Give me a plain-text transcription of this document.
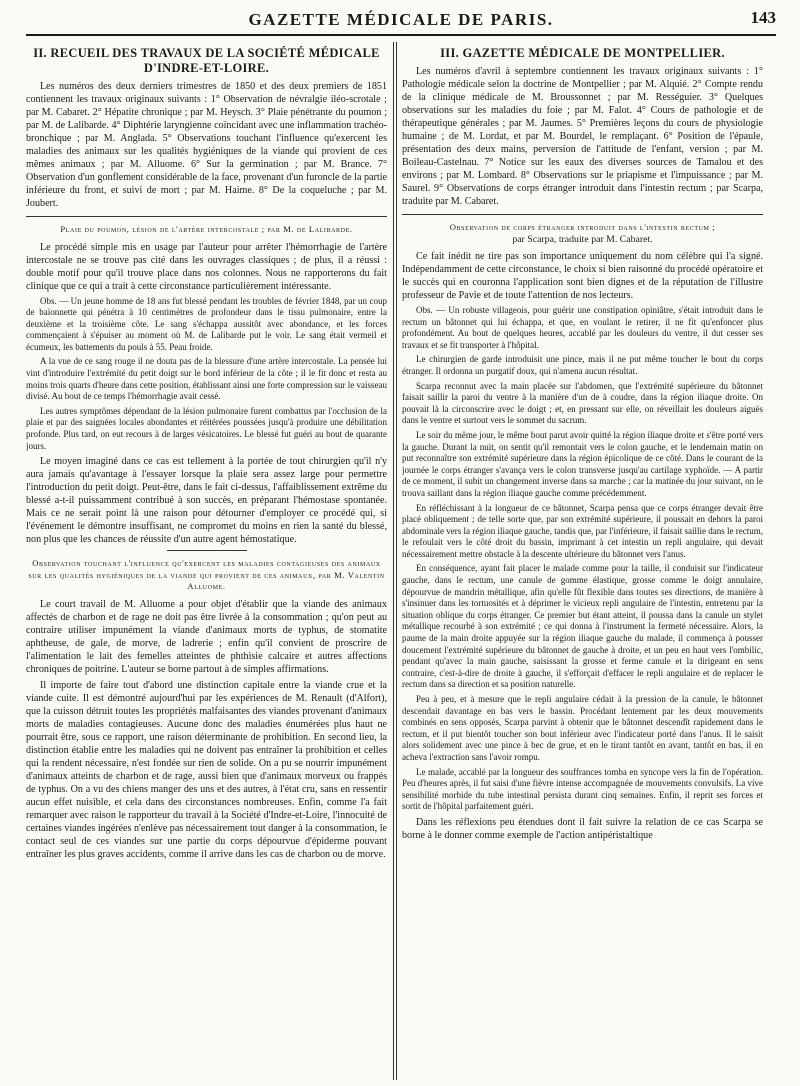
GAZETTE MÉDICALE DE PARIS.	143
II. RECUEIL DES TRAVAUX DE LA SOCIÉTÉ MÉDICALE D'INDRE-ET-LOIRE.

Les numéros des deux derniers trimestres de 1850 et des deux premiers de 1851 contiennent les travaux originaux suivants : 1° Observation de névralgie iléo-scrotale ; par M. Cabaret. 2° Hépatite chronique ; par M. Heysch. 3° Plaie pénétrante du poumon ; par M. de Lalibarde. 4° Diphtérie laryngienne coïncidant avec une inflammation trachéo-bronchique ; par M. Anglada. 5° Observations touchant l'influence qu'exercent les maladies des animaux sur les qualités hygiéniques de la viande qui provient de ces mêmes animaux ; par M. Alluome. 6° Sur la germination ; par M. Brance. 7° Observation d'un gonflement considérable de la face, provenant d'un furoncle de la partie inférieure du front, et suivi de mort ; par M. Haime. 8° De la coqueluche ; par M. Joubert.

Plaie du poumon, lésion de l'artère intercostale ; par M. de Lalibarde.

Le procédé simple mis en usage par l'auteur pour arrêter l'hémorrhagie de l'artère intercostale ne se trouve pas cité dans les ouvrages classiques ; de plus, il a réussi : double motif pour qu'il trouve place dans nos colonnes. Nous ne rapporterons du fait clinique que ce qui a trait à cette circonstance particulièrement intéressante.

Obs. — Un jeune homme de 18 ans fut blessé pendant les troubles de février 1848, par un coup de baïonnette qui pénétra à 10 centimètres de profondeur dans le tissu pulmonaire, entre la deuxième et la troisième côte. Le sang s'échappa aussitôt avec abondance, et les forces commençaient à s'épuiser au moment où M. de Lalibarde put le voir. Le sang était vermeil et écumeux, les battements du pouls à 55. Peau froide.

A la vue de ce sang rouge il ne douta pas de la blessure d'une artère intercostale. La pensée lui vint d'introduire l'extrémité du petit doigt sur le bord inférieur de la côte ; il le fit donc et resta au moins trois quarts d'heure dans cette position, établissant ainsi une forte compression sur le vaisseau divisé. Au bout de ce temps l'hémorrhagie avait cessé.

Les autres symptômes dépendant de la lésion pulmonaire furent combattus par l'occlusion de la plaie et par des saignées locales abondantes et réitérées poussées jusqu'à produire une débilitation profonde. Plus tard, on eut recours à de larges vésicatoires. Le blessé fut guéri au bout de quarante jours.

Le moyen imaginé dans ce cas est tellement à la portée de tout chirurgien qu'il n'y aura jamais qu'avantage à l'essayer lorsque la plaie sera assez large pour permettre l'introduction du petit doigt. Peut-être, dans le fait ci-dessus, l'affaiblissement extrême du blessé a-t-il puissamment contribué à son succès, en préparant l'hémostase spontanée. Mais ce ne serait point là une raison pour détourner d'employer ce procédé qui, si l'événement le démontre insuffisant, ne compromet du moins en rien la santé du blessé, non plus que les chances de réussite d'un autre agent hémostatique.

Observation touchant l'influence qu'exercent les maladies contagieuses des animaux sur les qualités hygiéniques de la viande qui provient de ces animaux, par M. Valentin Alluome.

Le court travail de M. Alluome a pour objet d'établir que la viande des animaux affectés de charbon et de rage ne doit pas être livrée à la consommation ; qu'on peut au contraire utiliser impunément la viande d'animaux morts de typhus, de stomatite aphtheuse, de gale, de morve, de ladrerie ; enfin qu'il convient de proscrire de l'alimentation le lait des femelles atteintes de phthisie calcaire et autres affections chroniques de poitrine. L'auteur se borne partout à de simples affirmations.

Il importe de faire tout d'abord une distinction capitale entre la viande crue et la viande cuite. Il est démontré aujourd'hui par les expériences de M. Renault (d'Alfort), que la cuisson détruit toutes les propriétés malfaisantes des viandes provenant d'animaux morts de maladies contagieuses. Aucune donc des maladies énumérées plus haut ne pourrait être, sous ce rapport, une raison déterminante de prohibition. En second lieu, la distinction établie entre les maladies qui ne doivent pas entraîner la prohibition et celles qui la rendent nécessaire, n'est fondée sur rien de solide. On a pu se nourrir impunément d'animaux atteints de charbon et de rage, aussi bien que d'animaux morveux ou frappés de typhus. On a vu des chiens manger des uns et des autres, à l'état cru, sans en ressentir aucun effet nuisible, et cela dans des circonstances nombreuses. Enfin, comme l'a fait remarquer avec raison le rapporteur du travail à la Société d'Indre-et-Loire, l'innocuité de certaines viandes ingérées n'enlève pas nécessairement tout danger à la consommation, le contact seul de ces viandes sur une partie du corps dépourvue d'épiderme pouvant entraîner les plus graves accidents, comme il arrive dans les cas de charbon ou de morve.

III. GAZETTE MÉDICALE DE MONTPELLIER.

Les numéros d'avril à septembre contiennent les travaux originaux suivants : 1° Pathologie médicale selon la doctrine de Montpellier ; par M. Alquié. 2° Compte rendu de la clinique médicale de M. Broussonnet ; par M. Rességuier. 3° Quelques observations sur les maladies du foie ; par M. Falot. 4° Cours de pathologie et de thérapeutique générales ; par M. Jaumes. 5° Premières leçons du cours de physiologie humaine ; de M. Lordat, et par M. Bourdel, le remplaçant. 6° Position de l'épaule, présentation des deux mains, perversion de l'attitude de l'enfant, version ; par M. Boileau-Castelnau. 7° Notice sur les eaux des diverses sources de Tamalou et des environs ; par M. Lombard. 8° Observations sur le priapisme et l'impuissance ; par M. Saurel. 9° Observations de corps étranger introduit dans l'intestin rectum ; par Scarpa, traduite par M. Cabaret.

Observation de corps étranger introduit dans l'intestin rectum ;
par Scarpa, traduite par M. Cabaret.

Ce fait inédit ne tire pas son importance uniquement du nom célèbre qui l'a signé. Indépendamment de cette circonstance, le choix si bien raisonné du procédé opératoire et le succès qui en couronna l'application sont bien dignes et de la réputation de l'illustre professeur de Pavie et de toute l'attention de nos lecteurs.

Obs. — Un robuste villageois, pour guérir une constipation opiniâtre, s'était introduit dans le rectum un bâtonnet qui lui échappa, et que, en voulant le retirer, il ne fit qu'enfoncer plus profondément. Au bout de quelques heures, accablé par les douleurs du ventre, il dut cesser ses travaux et se fit transporter à l'hôpital.

Le chirurgien de garde introduisit une pince, mais il ne put même toucher le bout du corps étranger. Il ordonna un purgatif doux, qui n'amena aucun résultat.

Scarpa reconnut avec la main placée sur l'abdomen, que l'extrémité supérieure du bâtonnet faisait saillir la paroi du ventre à la manière d'un de à coudre, dans la région iliaque droite. On pouvait là la circonscrire avec le doigt ; et, en pressant sur elle, on réveillait les douleurs aiguës dans le ventre et surtout vers le sommet du sacrum.

Le soir du même jour, le même bout parut avoir quitté la région iliaque droite et s'être porté vers la gauche. Durant la nuit, on sentit qu'il remontait vers le colon gauche, et le lendemain matin on put reconnaître son extrémité supérieure dans la région épicolique de ce côté. Dans le courant de la journée le corps étranger s'avança vers le colon transverse jusqu'au cartilage xyphoïde. — A partir de ce moment, il subit un changement inverse dans sa marche ; car la matinée du jour suivant, on le trouva saillant dans la région iliaque gauche comme précédemment.

En réfléchissant à la longueur de ce bâtonnet, Scarpa pensa que ce corps étranger devait être placé obliquement ; de telle sorte que, par son extrémité supérieure, il poussait en dehors la paroi abdominale vers la région iliaque gauche, tandis que, par l'inférieure, il faisait saillie dans le rectum, le refoulait vers le côté droit du bassin, imprimant à cet intestin un repli angulaire, qui devait nécessairement mettre obstacle à la descente ultérieure du bâtonnet vers l'anus.

En conséquence, ayant fait placer le malade comme pour la taille, il conduisit sur l'indicateur gauche, dans le rectum, une canule de gomme élastique, grosse comme le doigt annulaire, dépourvue de mandrin métallique, afin qu'elle fût flexible dans toutes ses directions, de manière à s'insinuer dans les tortuosités et à déprimer le vicieux repli angulaire de l'intestin, entretenu par la situation oblique du corps étranger. Ce premier but étant atteint, il poussa dans la canule un stylet métallique recourbé à son extrémité ; ce qui donna à l'instrument la fermeté nécessaire. Alors, la paume de la main droite appuyée sur la région iliaque gauche du malade, il commença à pousser doucement l'extrémité supérieure du bâtonnet de gauche à droite, et un peu en haut vers l'ombilic, pendant qu'avec la main gauche, saisissant la grosse et ferme canule et la dirigeant en sens contraire, c'est-à-dire de droite à gauche, il s'efforçait d'effacer le repli angulaire et de replacer le rectum dans sa direction et sa position naturelle.

Peu à peu, et à mesure que le repli angulaire cédait à la pression de la canule, le bâtonnet descendait davantage en bas vers le bassin. Procédant lentement par les deux mouvements combinés en sens opposés, Scarpa parvint à obtenir que le bâtonnet descendît rapidement dans le rectum, et il put bientôt toucher son bout inférieur avec l'indicateur porté dans l'anus. Il le saisit alors solidement avec une pince à bec de grue, et en le tirant tantôt en avant, tantôt en bas, il en acheva l'extraction sans l'avoir rompu.

Le malade, accablé par la longueur des souffrances tomba en syncope vers la fin de l'opération. Peu d'heures après, il fut saisi d'une fièvre intense accompagnée de mouvements convulsifs. La vive sensibilité morbide du tube intestinal persista durant cinq semaines. Enfin, il reprit ses forces et sortit de l'hôpital parfaitement guéri.

Dans les réflexions peu étendues dont il fait suivre la relation de ce cas Scarpa se borne à le donner comme exemple de l'action antipéristaltique
